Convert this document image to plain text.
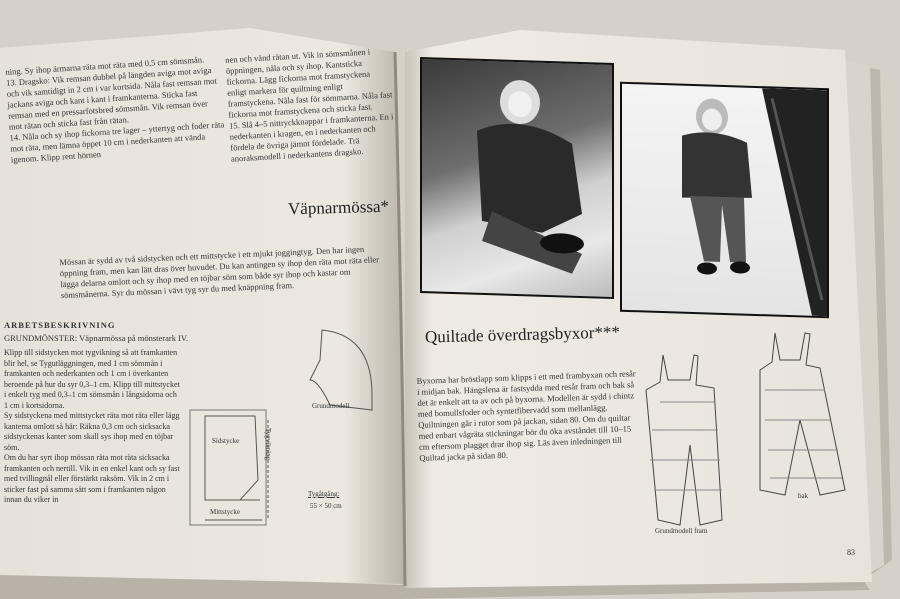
ning. Sy ihop ärmarna räta mot räta med 0,5 cm sömsmån.
13. Dragsko: Vik remsan dubbel på längden aviga mot aviga och vik samtidigt in 2 cm i var kortsida. Nåla fast remsan mot jackans aviga och kant i kant i framkanterna. Sticka fast remsan med en pressarfotsbred sömsmån. Vik remsan över mot rätan och sticka fast från rätan.
14. Nåla och sy ihop fickorna tre lager – yttertyg och foder räta mot räta, men lämna öppet 10 cm i nederkanten att vända igenom. Klipp rent hörnen
nen och vänd rätan ut. Vik in sömsmånen i öppningen, nåla och sy ihop. Kantsticka fickorna. Lägg fickorna mot framstyckena enligt markera för quiltning enligt framstyckena. Nåla fast för sömmarna. Nåla fast fickorna mot framstyckena och sticka fast.
15. Slå 4–5 nittryckknappar i framkanterna. En i nederkanten i kragen, en i nederkanten och fördela de övriga jämnt fördelade. Trä anoraksmodell i nederkantens dragsko.
Väpnarmössa*
Mössan är sydd av två sidstycken och ett mittstycke i ett mjukt joggingtyg. Den har ingen öppning fram, men kan lätt dras över huvudet. Du kan antingen sy ihop den räta mot räta eller lägga delarna omlott och sy ihop med en töjbar söm som både syr ihop och kastar om sömsmånerna. Syr du mössan i vävt tyg syr du med knäppning fram.
ARBETSBESKRIVNING
GRUNDMÖNSTER: Väpnarmössa på mönsterark IV.
Klipp till sidstycken mot tygvikning så att framkanten blir hel, se Tygutläggningen, med 1 cm sömmån i framkanten och nederkanten och 1 cm i överkanten beroende på hur du syr 0,3–1 cm. Klipp till mittstycket i enkelt tyg med 0,3–1 cm sömsmån i långsidorna och 1 cm i kortsidorna.
Sy sidstyckena med mittstycket räta mot räta eller lägg kanterna omlott så här: Räkna 0,3 cm och sicksacka sidstyckenas kanter som skall sys ihop med en töjbar söm.
Om du har syrt ihop mössan räta mot räta sicksacka framkanten och nertill. Vik in en enkel kant och sy fast med tvillingnål eller förstärkt raksöm. Vik in 2 cm i sticker fast på samma sätt som i framkanten någon innan du viker in
Sidstycke
Mittstycke
Tygvikning
Grundmodell
Tygåtgång:
55 × 50 cm
Quiltade överdragsbyxor***
Byxorna har bröstlapp som klipps i ett med frambyxan och resår i midjan bak. Hängslena är fastsydda med resår fram och bak så det är enkelt att ta av och på byxorna. Modellen är sydd i chintz med bomullsfoder och syntetfibervadd som mellanlägg. Quiltningen går i rutor som på jackan, sidan 80. Om du quiltar med enbart vågräta stickningar bör du öka avståndet till 10–15 cm eftersom plagget drar ihop sig. Läs även inledningen till Quiltad jacka på sidan 80.
Grundmodell fram
bak
83
